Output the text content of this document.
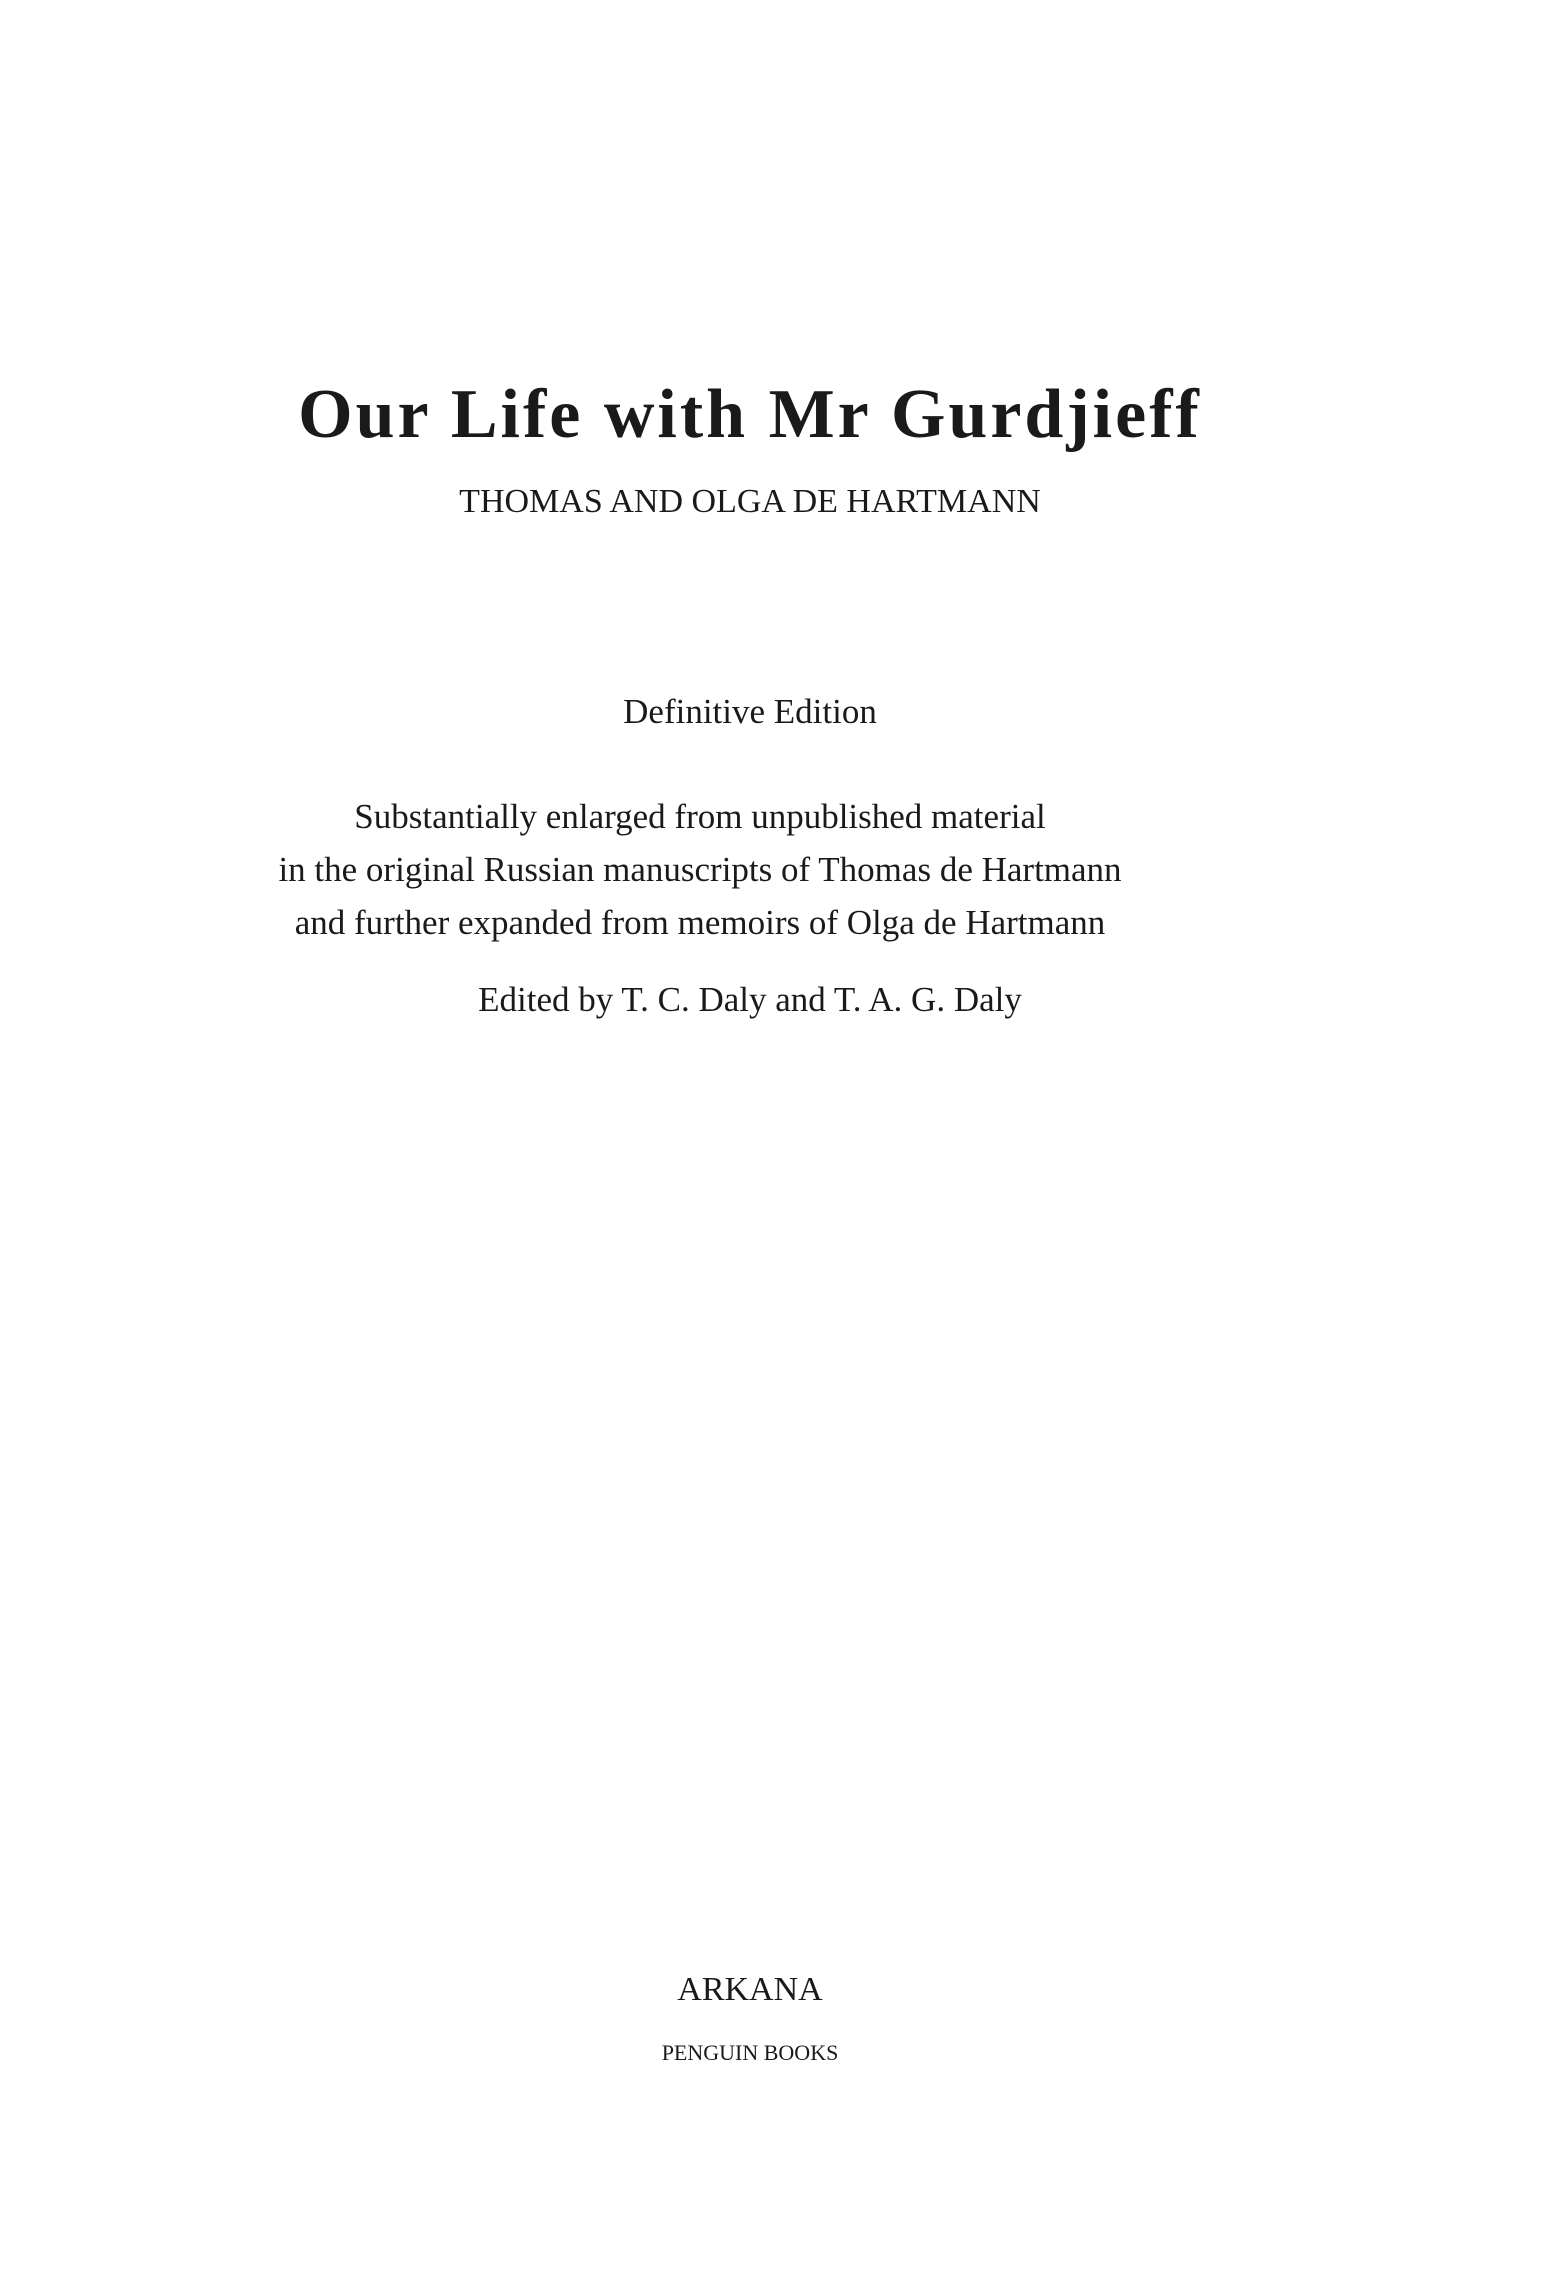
Our Life with Mr Gurdjieff

THOMAS AND OLGA DE HARTMANN

Definitive Edition

Substantially enlarged from unpublished material
in the original Russian manuscripts of Thomas de Hartmann
and further expanded from memoirs of Olga de Hartmann

Edited by T. C. Daly and T. A. G. Daly

ARKANA

PENGUIN BOOKS
